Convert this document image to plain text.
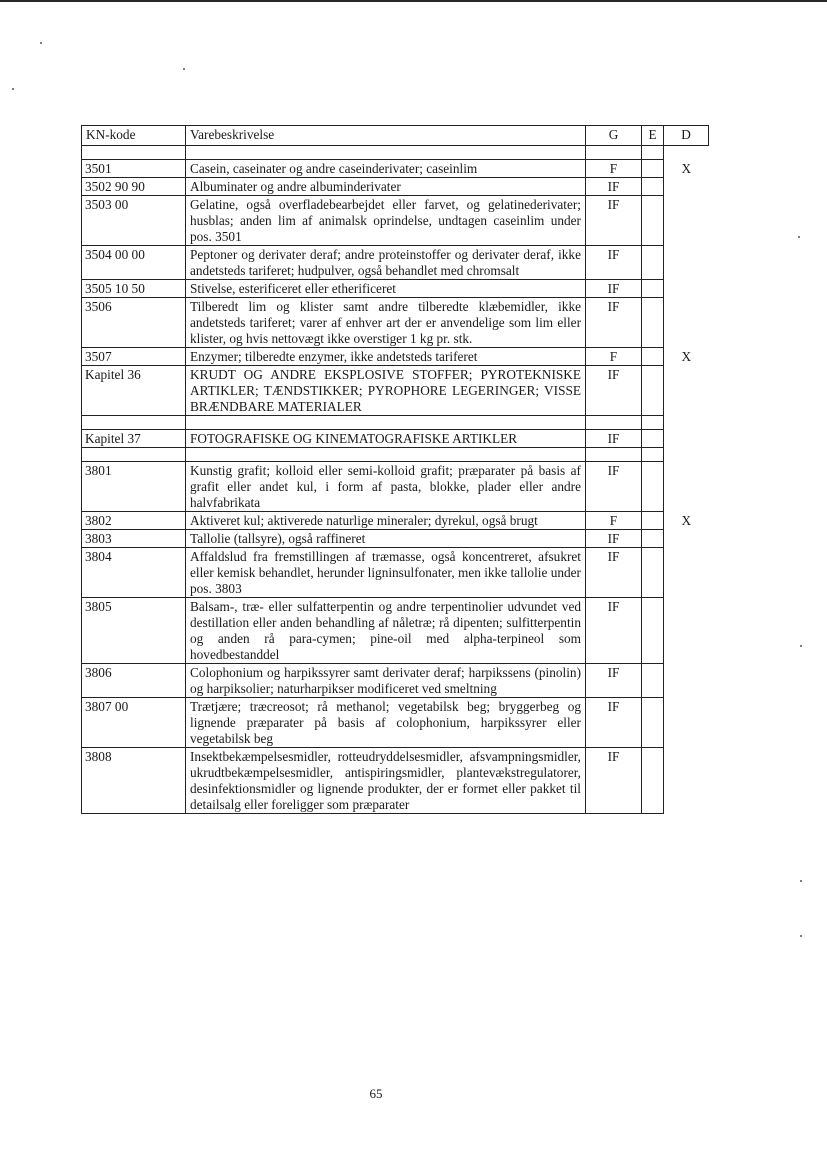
KN-kode	Varebeskrivelse	G	E	D

3501	Casein, caseinater og andre caseinderivater; caseinlim	F		X
3502 90 90	Albuminater og andre albuminderivater	IF		
3503 00	Gelatine, også overfladebearbejdet eller farvet, og gelatinederivater; husblas; anden lim af animalsk oprindelse, undtagen caseinlim under pos. 3501	IF		
3504 00 00	Peptoner og derivater deraf; andre proteinstoffer og derivater deraf, ikke andetsteds tariferet; hudpulver, også behandlet med chromsalt	IF		
3505 10 50	Stivelse, esterificeret eller etherificeret	IF		
3506	Tilberedt lim og klister samt andre tilberedte klæbemidler, ikke andetsteds tariferet; varer af enhver art der er anvendelige som lim eller klister, og hvis nettovægt ikke overstiger 1 kg pr. stk.	IF		
3507	Enzymer; tilberedte enzymer, ikke andetsteds tariferet	F		X
Kapitel 36	KRUDT OG ANDRE EKSPLOSIVE STOFFER; PYROTEKNISKE ARTIKLER; TÆNDSTIKKER; PYROPHORE LEGERINGER; VISSE BRÆNDBARE MATERIALER	IF		

Kapitel 37	FOTOGRAFISKE OG KINEMATOGRAFISKE ARTIKLER	IF		

3801	Kunstig grafit; kolloid eller semi-kolloid grafit; præparater på basis af grafit eller andet kul, i form af pasta, blokke, plader eller andre halvfabrikata	IF		
3802	Aktiveret kul; aktiverede naturlige mineraler; dyrekul, også brugt	F		X
3803	Tallolie (tallsyre), også raffineret	IF		
3804	Affaldslud fra fremstillingen af træmasse, også koncentreret, afsukret eller kemisk behandlet, herunder ligninsulfonater, men ikke tallolie under pos. 3803	IF		
3805	Balsam-, træ- eller sulfatterpentin og andre terpentinolier udvundet ved destillation eller anden behandling af nåletræ; rå dipenten; sulfitterpentin og anden rå para-cymen; pine-oil med alpha-terpineol som hovedbestanddel	IF		
3806	Colophonium og harpikssyrer samt derivater deraf; harpikssens (pinolin) og harpiksolier; naturharpikser modificeret ved smeltning	IF		
3807 00	Trætjære; træcreosot; rå methanol; vegetabilsk beg; bryggerbeg og lignende præparater på basis af colophonium, harpikssyrer eller vegetabilsk beg	IF		
3808	Insektbekæmpelsesmidler, rotteudryddelsesmidler, afsvampningsmidler, ukrudtbekæmpelsesmidler, antispiringsmidler, plantevækstregulatorer, desinfektionsmidler og lignende produkter, der er formet eller pakket til detailsalg eller foreligger som præparater	IF		
65
